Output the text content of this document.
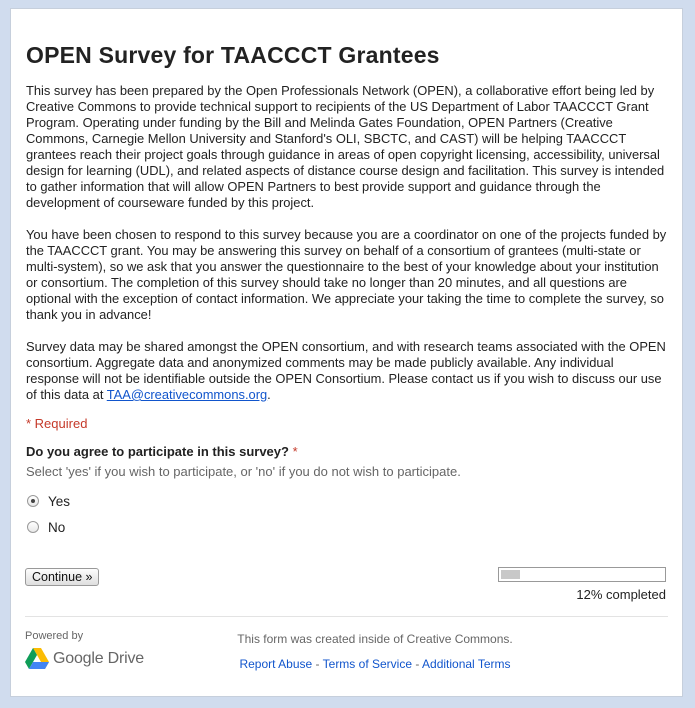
OPEN Survey for TAACCCT Grantees

This survey has been prepared by the Open Professionals Network (OPEN), a collaborative effort being led by Creative Commons to provide technical support to recipients of the US Department of Labor TAACCCT Grant Program. Operating under funding by the Bill and Melinda Gates Foundation, OPEN Partners (Creative Commons, Carnegie Mellon University and Stanford's OLI, SBCTC, and CAST) will be helping TAACCCT grantees reach their project goals through guidance in areas of open copyright licensing, accessibility, universal design for learning (UDL), and related aspects of distance course design and facilitation. This survey is intended to gather information that will allow OPEN Partners to best provide support and guidance through the development of courseware funded by this project.

You have been chosen to respond to this survey because you are a coordinator on one of the projects funded by the TAACCCT grant. You may be answering this survey on behalf of a consortium of grantees (multi-state or multi-system), so we ask that you answer the questionnaire to the best of your knowledge about your institution or consortium. The completion of this survey should take no longer than 20 minutes, and all questions are optional with the exception of contact information. We appreciate your taking the time to complete the survey, so thank you in advance!

Survey data may be shared amongst the OPEN consortium, and with research teams associated with the OPEN consortium. Aggregate data and anonymized comments may be made publicly available. Any individual response will not be identifiable outside the OPEN Consortium. Please contact us if you wish to discuss our use of this data at TAA@creativecommons.org.

* Required
Do you agree to participate in this survey? *
Select 'yes' if you wish to participate, or 'no' if you do not wish to participate.
Yes
No
Continue »
12% completed
Powered by
Google Drive
This form was created inside of Creative Commons.
Report Abuse - Terms of Service - Additional Terms
